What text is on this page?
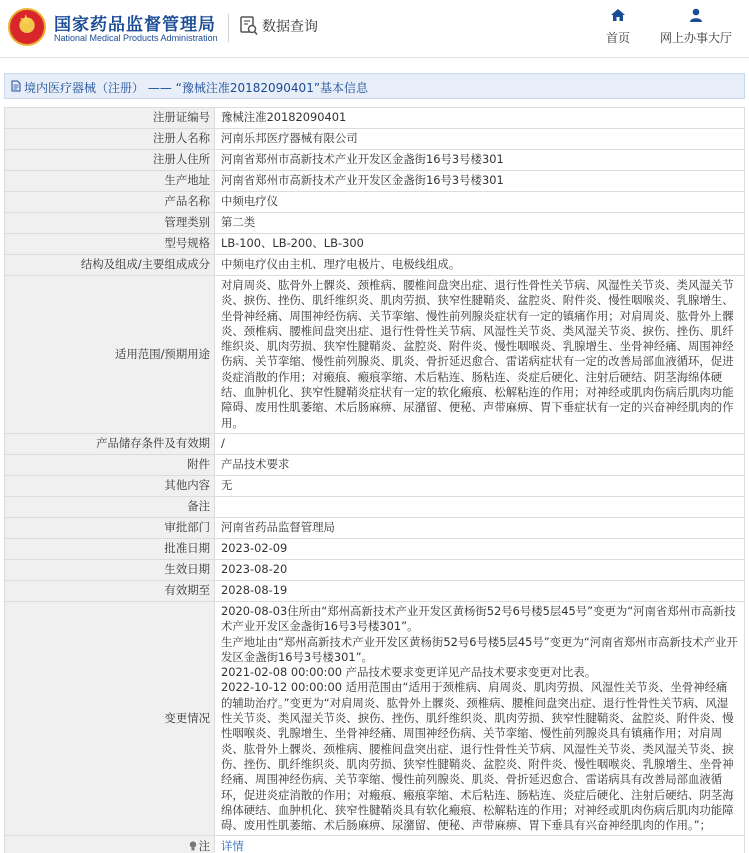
★ 国家药品监督管理局
National Medical Products Administration
数据查询
首页	网上办事大厅
境内医疗器械（注册） —— “豫械注准20182090401”基本信息
注册证编号	豫械注准20182090401
注册人名称	河南乐邦医疗器械有限公司
注册人住所	河南省郑州市高新技术产业开发区金盏街16号3号楼301
生产地址	河南省郑州市高新技术产业开发区金盏街16号3号楼301
产品名称	中频电疗仪
管理类别	第二类
型号规格	LB-100、LB-200、LB-300
结构及组成/主要组成成分	中频电疗仪由主机、理疗电极片、电极线组成。
适用范围/预期用途	对肩周炎、肱骨外上髁炎、颈椎病、腰椎间盘突出症、退行性骨性关节病、风湿性关节炎、类风湿关节炎、捩伤、挫伤、肌纤维织炎、肌肉劳损、狭窄性腱鞘炎、盆腔炎、附件炎、慢性咽喉炎、乳腺增生、坐骨神经痛、周围神经伤病、关节挛缩、慢性前列腺炎症状有一定的镇痛作用；对肩周炎、肱骨外上髁炎、颈椎病、腰椎间盘突出症、退行性骨性关节病、风湿性关节炎、类风湿关节炎、捩伤、挫伤、肌纤维织炎、肌肉劳损、狭窄性腱鞘炎、盆腔炎、附件炎、慢性咽喉炎、乳腺增生、坐骨神经痛、周围神经伤病、关节挛缩、慢性前列腺炎、肌炎、骨折延迟愈合、雷诺病症状有一定的改善局部血液循环，促进炎症消散的作用；对瘢痕、瘢痕挛缩、术后粘连、肠粘连、炎症后硬化、注射后硬结、阴茎海绵体硬结、血肿机化、狭窄性腱鞘炎症状有一定的软化瘢痕、松解粘连的作用；对神经或肌肉伤病后肌肉功能障碍、废用性肌萎缩、术后肠麻痹、尿潴留、便秘、声带麻痹、胃下垂症状有一定的兴奋神经肌肉的作用。
产品储存条件及有效期	/
附件	产品技术要求
其他内容	无
备注	
审批部门	河南省药品监督管理局
批准日期	2023-02-09
生效日期	2023-08-20
有效期至	2028-08-19
变更情况	2020-08-03住所由“郑州高新技术产业开发区黄杨街52号6号楼5层45号”变更为“河南省郑州市高新技术产业开发区金盏街16号3号楼301”。
生产地址由“郑州高新技术产业开发区黄杨街52号6号楼5层45号”变更为“河南省郑州市高新技术产业开发区金盏街16号3号楼301”。
2021-02-08 00:00:00 产品技术要求变更详见产品技术要求变更对比表。
2022-10-12 00:00:00 适用范围由“适用于颈椎病、肩周炎、肌肉劳损、风湿性关节炎、坐骨神经痛的辅助治疗。”变更为“对肩周炎、肱骨外上髁炎、颈椎病、腰椎间盘突出症、退行性骨性关节病、风湿性关节炎、类风湿关节炎、捩伤、挫伤、肌纤维织炎、肌肉劳损、狭窄性腱鞘炎、盆腔炎、附件炎、慢性咽喉炎、乳腺增生、坐骨神经痛、周围神经伤病、关节挛缩、慢性前列腺炎具有镇痛作用；对肩周炎、肱骨外上髁炎、颈椎病、腰椎间盘突出症、退行性骨性关节病、风湿性关节炎、类风湿关节炎、捩伤、挫伤、肌纤维织炎、肌肉劳损、狭窄性腱鞘炎、盆腔炎、附件炎、慢性咽喉炎、乳腺增生、坐骨神经痛、周围神经伤病、关节挛缩、慢性前列腺炎、肌炎、骨折延迟愈合、雷诺病具有改善局部血液循环，促进炎症消散的作用；对瘢痕、瘢痕挛缩、术后粘连、肠粘连、炎症后硬化、注射后硬结、阴茎海绵体硬结、血肿机化、狭窄性腱鞘炎具有软化瘢痕、松解粘连的作用；对神经或肌肉伤病后肌肉功能障碍、废用性肌萎缩、术后肠麻痹、尿潴留、便秘、声带麻痹、胃下垂具有兴奋神经肌肉的作用。”；
注	详情
